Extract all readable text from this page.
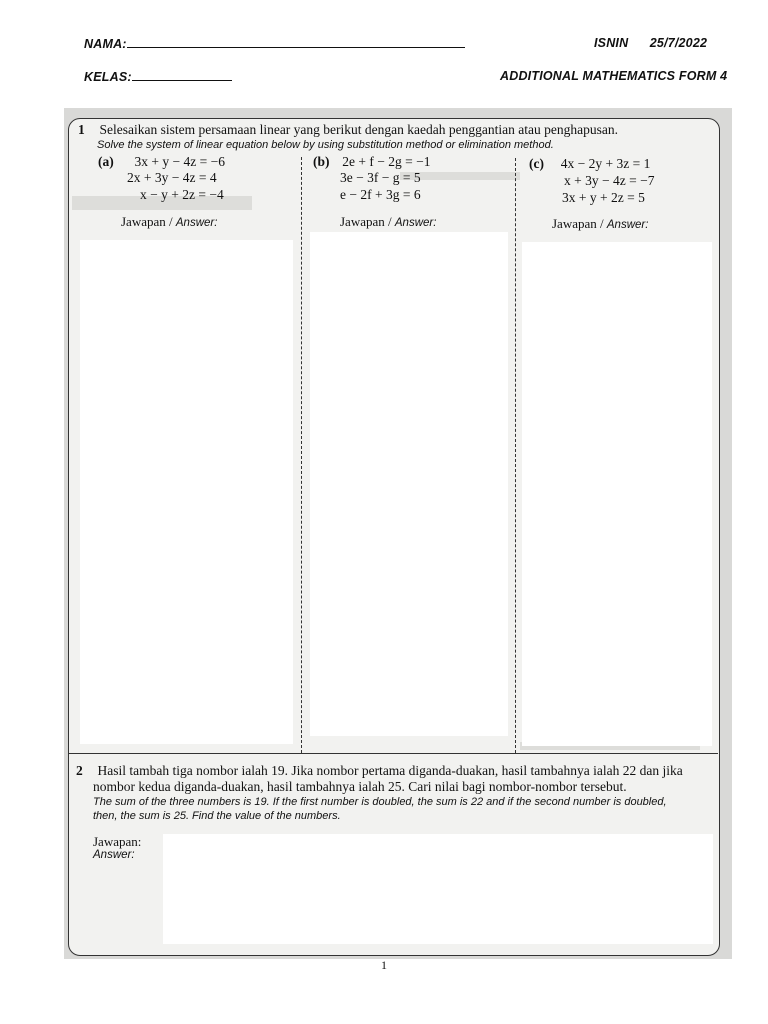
NAMA:	ISNIN 25/7/2022
KELAS:	ADDITIONAL MATHEMATICS FORM 4
1 Selesaikan sistem persamaan linear yang berikut dengan kaedah penggantian atau penghapusan.
Solve the system of linear equation below by using substitution method or elimination method.
(a) 3x + y − 4z = −6
2x + 3y − 4z = 4
x − y + 2z = −4
Jawapan / Answer:
(b) 2e + f − 2g = −1
3e − 3f − g = 5
e − 2f + 3g = 6
Jawapan / Answer:
(c) 4x − 2y + 3z = 1
x + 3y − 4z = −7
3x + y + 2z = 5
Jawapan / Answer:
2 Hasil tambah tiga nombor ialah 19. Jika nombor pertama diganda-duakan, hasil tambahnya ialah 22 dan jika
nombor kedua diganda-duakan, hasil tambahnya ialah 25. Cari nilai bagi nombor-nombor tersebut.
The sum of the three numbers is 19. If the first number is doubled, the sum is 22 and if the second number is doubled,
then, the sum is 25. Find the value of the numbers.
Jawapan:
Answer:
1
